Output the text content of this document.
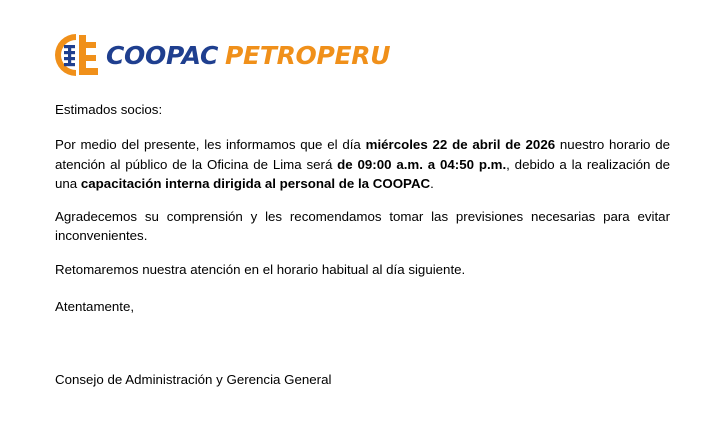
COOPAC PETROPERU

Estimados socios:

Por medio del presente, les informamos que el día miércoles 22 de abril de 2026 nuestro horario de atención al público de la Oficina de Lima será de 09:00 a.m. a 04:50 p.m., debido a la realización de una capacitación interna dirigida al personal de la COOPAC.

Agradecemos su comprensión y les recomendamos tomar las previsiones necesarias para evitar inconvenientes.

Retomaremos nuestra atención en el horario habitual al día siguiente.

Atentamente,

Consejo de Administración y Gerencia General
